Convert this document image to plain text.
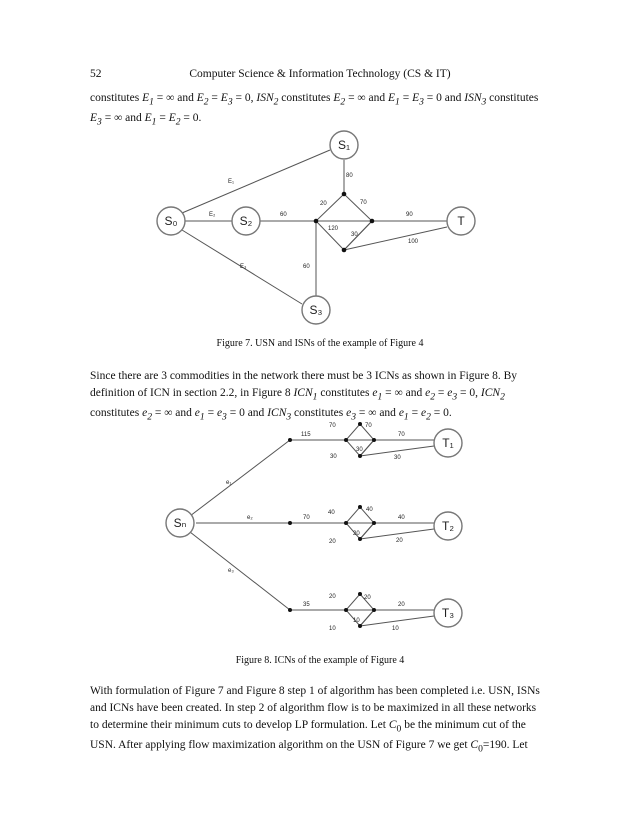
52	Computer Science & Information Technology (CS & IT)
constitutes $E_1$ = ∞ and $E_2 = E_3 = 0$, $ISN_2$ constitutes $E_2$ = ∞ and $E_1 = E_3 = 0$ and $ISN_3$ constitutes
$E_3$ = ∞ and $E_1 = E_2 = 0$.
S₀
S₁
S₂
S₃
T
E₁
E₂
E₃
60
80
20	70
120
30
90
100
60
Figure 7. USN and ISNs of the example of Figure 4
Since there are 3 commodities in the network there must be 3 ICNs as shown in Figure 8. By
definition of ICN in section 2.2, in Figure 8 $ICN_1$ constitutes $e_1$ = ∞ and $e_2 = e_3 = 0$, $ICN_2$
constitutes $e_2$ = ∞ and $e_1 = e_3 = 0$ and $ICN_3$ constitutes $e_3$ = ∞ and $e_1 = e_2 = 0$.
Sₙ
T₁
T₂
T₃
e₁
e₂
e₃
115
70	70
70
30
30
30
70
40	40
40
20
20
20
35
20	20
20
10
10
10
Figure 8. ICNs of the example of Figure 4
With formulation of Figure 7 and Figure 8 step 1 of algorithm has been completed i.e. USN, ISNs
and ICNs have been created. In step 2 of algorithm flow is to be maximized in all these networks
to determine their minimum cuts to develop LP formulation. Let $C_0$ be the minimum cut of the
USN. After applying flow maximization algorithm on the USN of Figure 7 we get $C_0=190$. Let
